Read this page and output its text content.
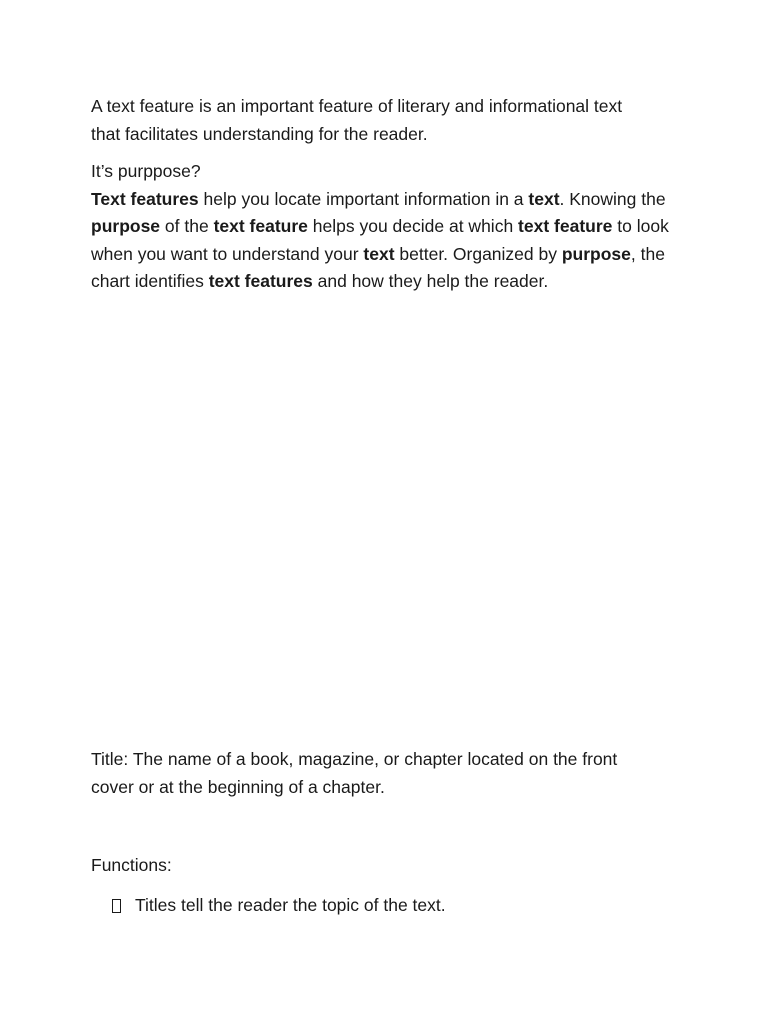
A text feature is an important feature of literary and informational text
that facilitates understanding for the reader.

It’s purppose?
Text features help you locate important information in a text. Knowing the purpose of the text feature helps you decide at which text feature to look when you want to understand your text better. Organized by purpose, the chart identifies text features and how they help the reader.

Title: The name of a book, magazine, or chapter located on the front
cover or at the beginning of a chapter.

Functions:

Titles tell the reader the topic of the text.
